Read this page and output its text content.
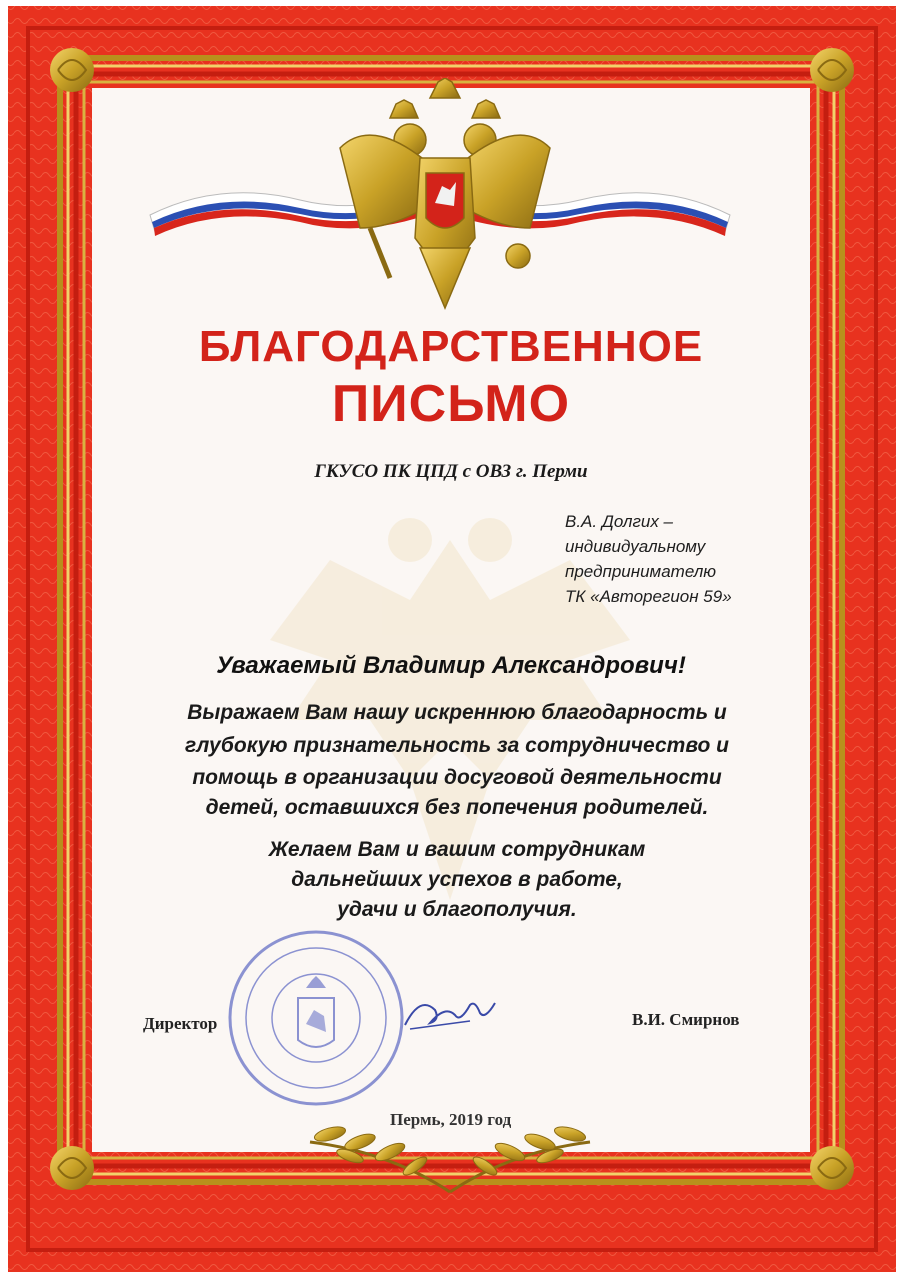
БЛАГОДАРСТВЕННОЕ
ПИСЬМО
ГКУСО ПК ЦПД с ОВЗ г. Перми
В.А. Долгих –
индивидуальному
предпринимателю
ТК «Авторегион 59»
Уважаемый Владимир Александрович!
Выражаем Вам нашу искреннюю благодарность и
глубокую признательность за сотрудничество и
помощь в организации досуговой деятельности
детей, оставшихся без попечения родителей.
Желаем Вам и вашим сотрудникам
дальнейших успехов в работе,
удачи и благополучия.
Директор	В.И. Смирнов
Пермь, 2019 год
